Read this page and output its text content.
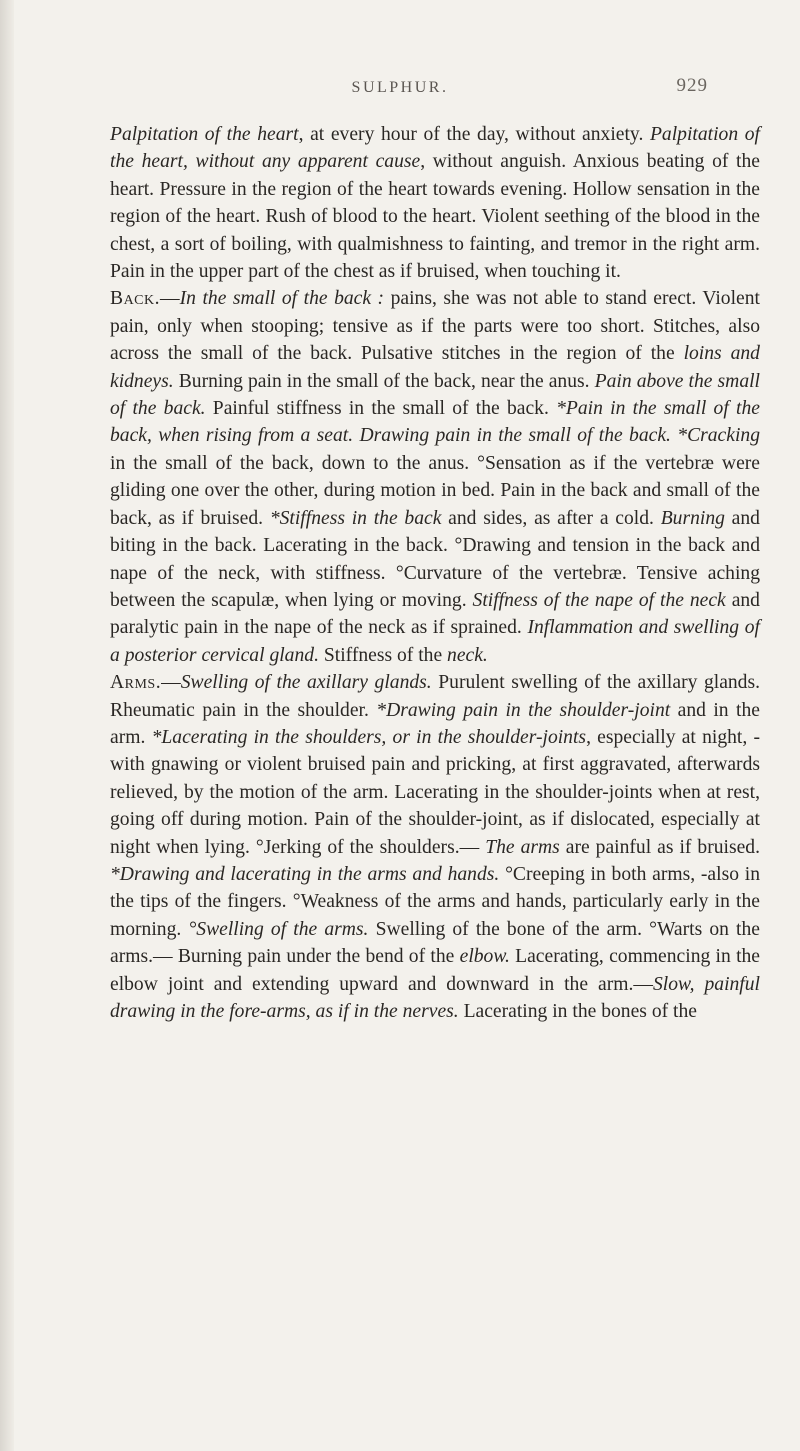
SULPHUR.	929

Palpitation of the heart, at every hour of the day, without anxiety. Palpitation of the heart, without any apparent cause, without anguish. Anxious beating of the heart. Pressure in the region of the heart towards evening. Hollow sensation in the region of the heart. Rush of blood to the heart. Violent seething of the blood in the chest, a sort of boiling, with qualmishness to fainting, and tremor in the right arm. Pain in the upper part of the chest as if bruised, when touching it.

Back.—In the small of the back : pains, she was not able to stand erect. Violent pain, only when stooping; tensive as if the parts were too short. Stitches, also across the small of the back. Pulsative stitches in the region of the loins and kidneys. Burning pain in the small of the back, near the anus. Pain above the small of the back. Painful stiffness in the small of the back. *Pain in the small of the back, when rising from a seat. Drawing pain in the small of the back. *Cracking in the small of the back, down to the anus. °Sensation as if the vertebræ were gliding one over the other, during motion in bed. Pain in the back and small of the back, as if bruised. *Stiffness in the back and sides, as after a cold. Burning and biting in the back. Lacerating in the back. °Drawing and tension in the back and nape of the neck, with stiffness. °Curvature of the vertebræ. Tensive aching between the scapulæ, when lying or moving. Stiffness of the nape of the neck and paralytic pain in the nape of the neck as if sprained. Inflammation and swelling of a posterior cervical gland. Stiffness of the neck.

Arms.—Swelling of the axillary glands. Purulent swelling of the axillary glands. Rheumatic pain in the shoulder. *Drawing pain in the shoulder-joint and in the arm. *Lacerating in the shoulders, or in the shoulder-joints, especially at night, -with gnawing or violent bruised pain and pricking, at first aggravated, afterwards relieved, by the motion of the arm. Lacerating in the shoulder-joints when at rest, going off during motion. Pain of the shoulder-joint, as if dislocated, especially at night when lying. °Jerking of the shoulders.— The arms are painful as if bruised. *Drawing and lacerating in the arms and hands. °Creeping in both arms, -also in the tips of the fingers. °Weakness of the arms and hands, particularly early in the morning. °Swelling of the arms. Swelling of the bone of the arm. °Warts on the arms.— Burning pain under the bend of the elbow. Lacerating, commencing in the elbow joint and extending upward and downward in the arm.—Slow, painful drawing in the fore-arms, as if in the nerves. Lacerating in the bones of the
